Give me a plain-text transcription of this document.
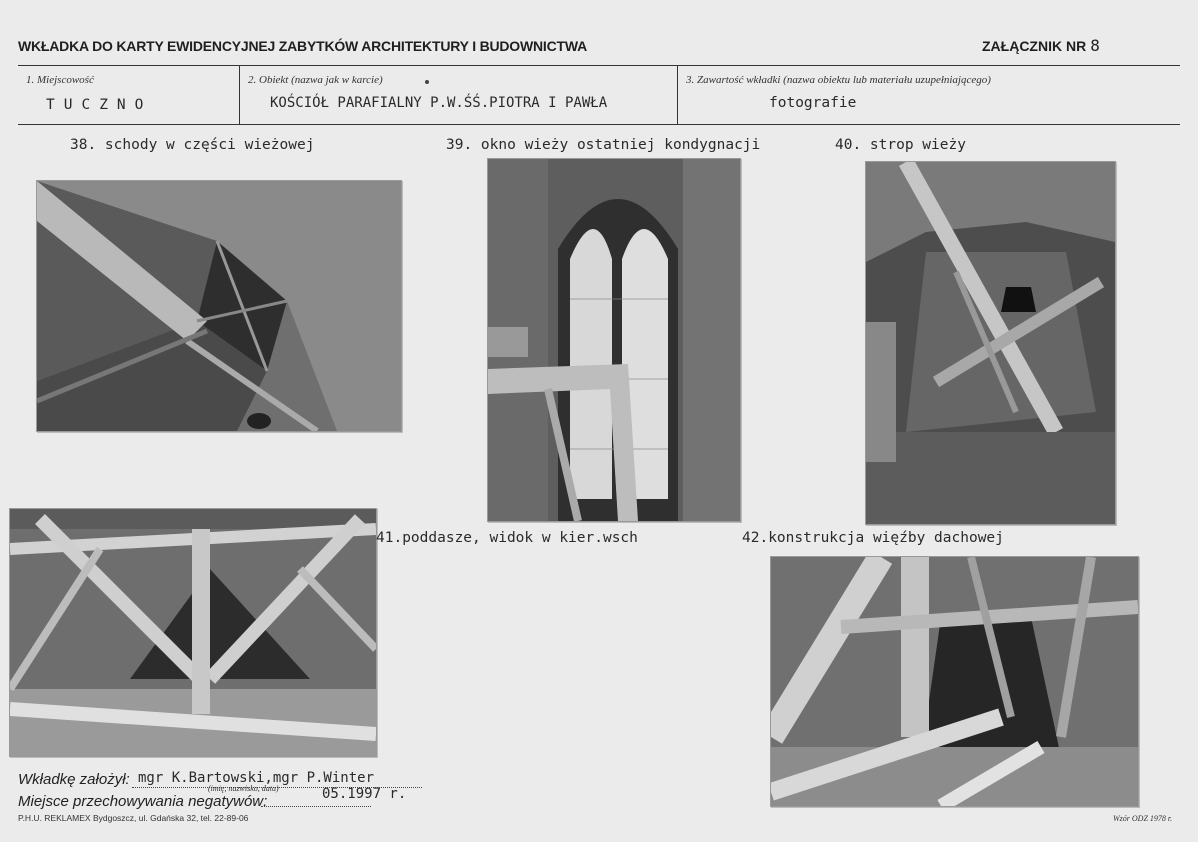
WKŁADKA DO KARTY EWIDENCYJNEJ ZABYTKÓW ARCHITEKTURY I BUDOWNICTWA	ZAŁĄCZNIK NR 8
1. Miejscowość
TUCZNO
2. Obiekt (nazwa jak w karcie)
KOŚCIÓŁ PARAFIALNY P.W.ŚŚ.PIOTRA I PAWŁA
3. Zawartość wkładki (nazwa obiektu lub materiału uzupełniającego)
fotografie
38. schody w części wieżowej	39. okno wieży ostatniej kondygnacji	40. strop wieży
41.poddasze, widok w kier.wsch	42.konstrukcja więźby dachowej
Wkładkę założył: mgr K.Bartowski,mgr P.Winter
(imię, nazwisko, data)	05.1997 r.
Miejsce przechowywania negatywów:
P.H.U. REKLAMEX Bydgoszcz, ul. Gdańska 32, tel. 22-89-06	Wzór ODZ 1978 r.
